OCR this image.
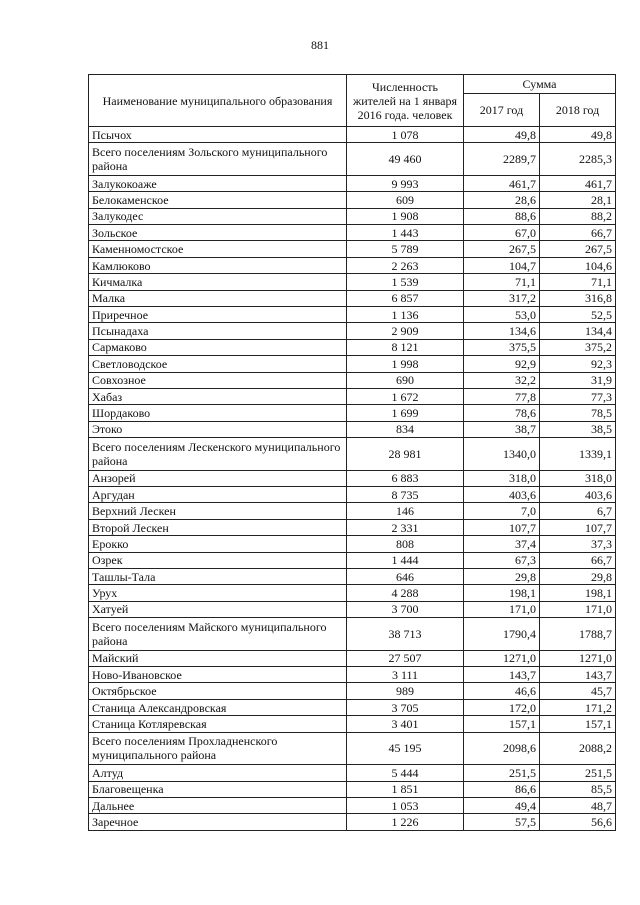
881
Наименование муниципального образования	Численность жителей на 1 января 2016 года. человек	Сумма	
		2017 год	2018 год
Псычох	1 078	49,8	49,8
Всего поселениям Зольского муниципального района	49 460	2289,7	2285,3
Залукокоаже	9 993	461,7	461,7
Белокаменское	609	28,6	28,1
Залукодес	1 908	88,6	88,2
Зольское	1 443	67,0	66,7
Каменномостское	5 789	267,5	267,5
Камлюково	2 263	104,7	104,6
Кичмалка	1 539	71,1	71,1
Малка	6 857	317,2	316,8
Приречное	1 136	53,0	52,5
Псынадаха	2 909	134,6	134,4
Сармаково	8 121	375,5	375,2
Светловодское	1 998	92,9	92,3
Совхозное	690	32,2	31,9
Хабаз	1 672	77,8	77,3
Шордаково	1 699	78,6	78,5
Этоко	834	38,7	38,5
Всего поселениям Лескенского муниципального района	28 981	1340,0	1339,1
Анзорей	6 883	318,0	318,0
Аргудан	8 735	403,6	403,6
Верхний Лескен	146	7,0	6,7
Второй Лескен	2 331	107,7	107,7
Ерокко	808	37,4	37,3
Озрек	1 444	67,3	66,7
Ташлы-Тала	646	29,8	29,8
Урух	4 288	198,1	198,1
Хатуей	3 700	171,0	171,0
Всего поселениям Майского муниципального района	38 713	1790,4	1788,7
Майский	27 507	1271,0	1271,0
Ново-Ивановское	3 111	143,7	143,7
Октябрьское	989	46,6	45,7
Станица Александровская	3 705	172,0	171,2
Станица Котляревская	3 401	157,1	157,1
Всего поселениям Прохладненского муниципального района	45 195	2098,6	2088,2
Алтуд	5 444	251,5	251,5
Благовещенка	1 851	86,6	85,5
Дальнее	1 053	49,4	48,7
Заречное	1 226	57,5	56,6
